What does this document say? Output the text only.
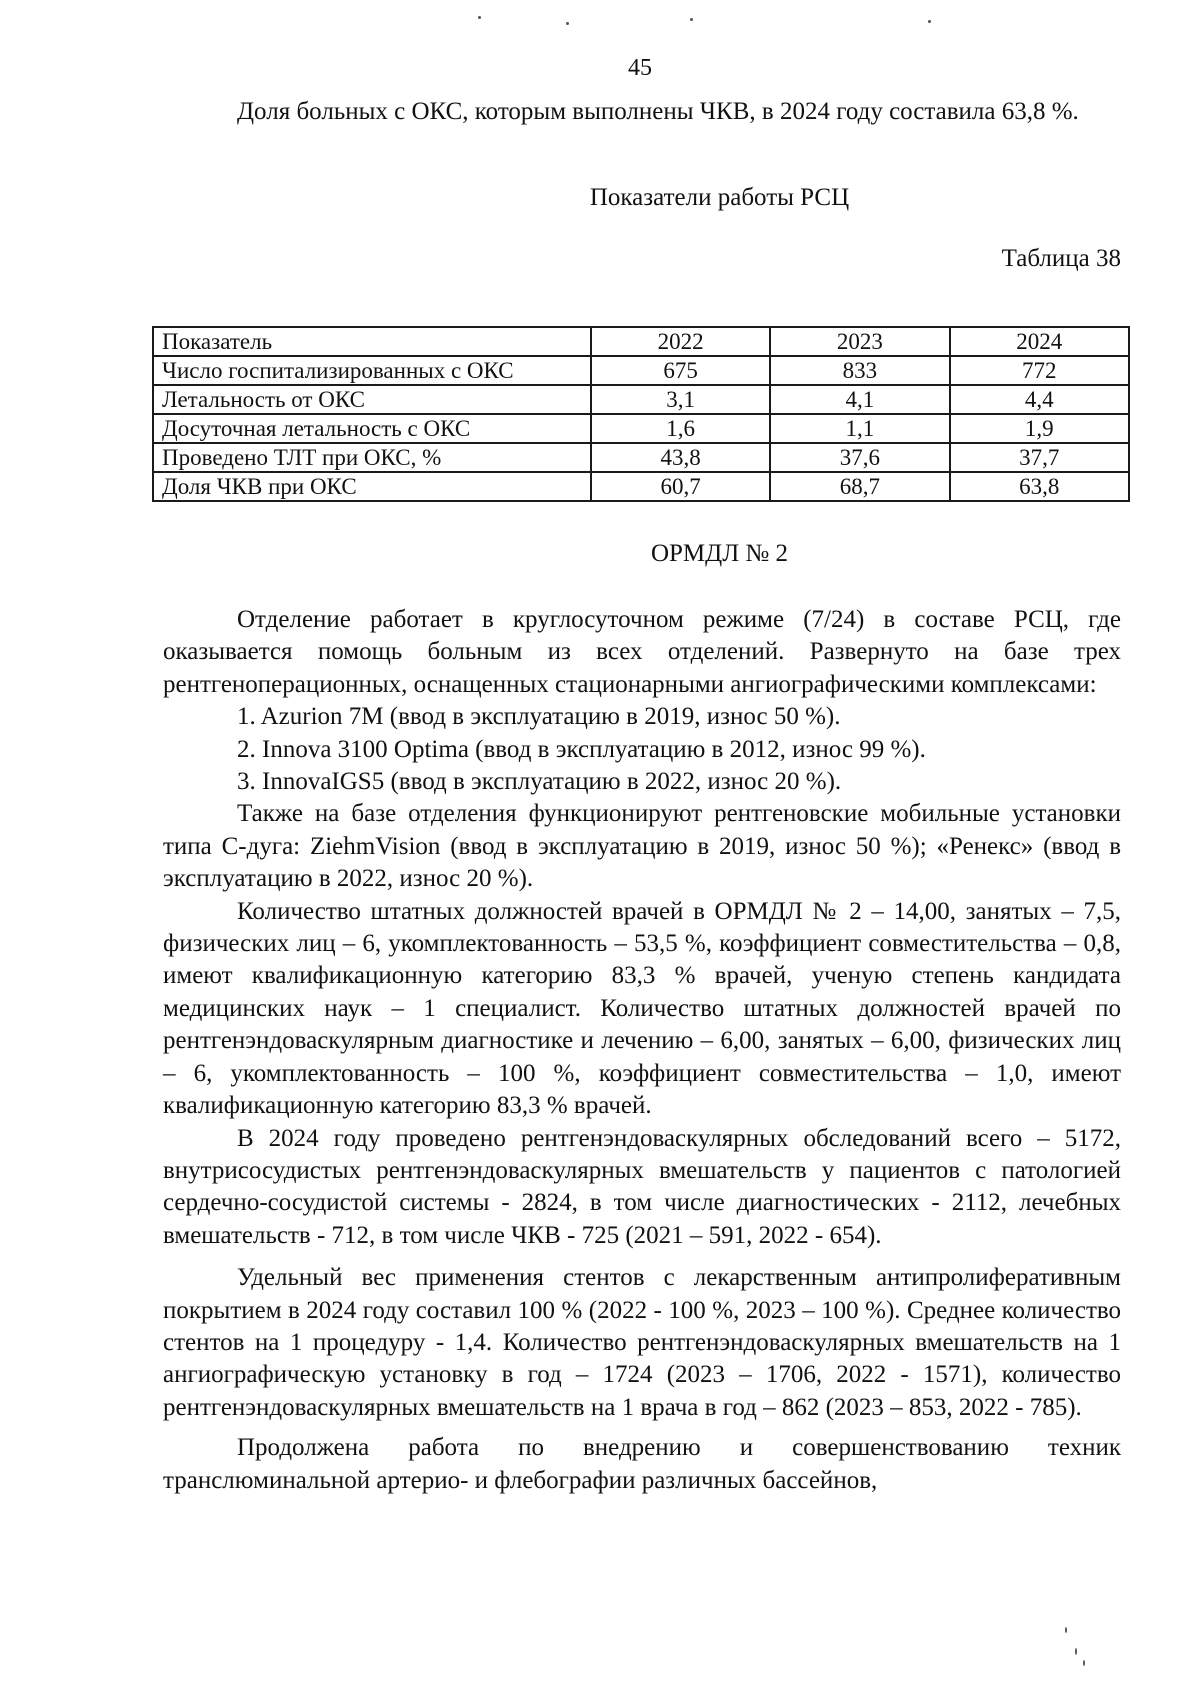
45

Доля больных с ОКС, которым выполнены ЧКВ, в 2024 году составила 63,8 %.

Показатели работы РСЦ

Таблица 38

Показатель	2022	2023	2024
Число госпитализированных с ОКС	675	833	772
Летальность от ОКС	3,1	4,1	4,4
Досуточная летальность с ОКС	1,6	1,1	1,9
Проведено ТЛТ при ОКС, %	43,8	37,6	37,7
Доля ЧКВ при ОКС	60,7	68,7	63,8

ОРМДЛ № 2

Отделение работает в круглосуточном режиме (7/24) в составе РСЦ, где оказывается помощь больным из всех отделений. Развернуто на базе трех рентгеноперационных, оснащенных стационарными ангиографическими комплексами:

1. Azurion 7M (ввод в эксплуатацию в 2019, износ 50 %).

2. Innova 3100 Optima (ввод в эксплуатацию в 2012, износ 99 %).

3. InnovaIGS5 (ввод в эксплуатацию в 2022, износ 20 %).

Также на базе отделения функционируют рентгеновские мобильные установки типа С-дуга: ZiehmVision (ввод в эксплуатацию в 2019, износ 50 %); «Ренекс» (ввод в эксплуатацию в 2022, износ 20 %).

Количество штатных должностей врачей в ОРМДЛ № 2 – 14,00, занятых – 7,5, физических лиц – 6, укомплектованность – 53,5 %, коэффициент совместительства – 0,8, имеют квалификационную категорию 83,3 % врачей, ученую степень кандидата медицинских наук – 1 специалист. Количество штатных должностей врачей по рентгенэндоваскулярным диагностике и лечению – 6,00, занятых – 6,00, физических лиц – 6, укомплектованность – 100 %, коэффициент совместительства – 1,0, имеют квалификационную категорию 83,3 % врачей.

В 2024 году проведено рентгенэндоваскулярных обследований всего – 5172, внутрисосудистых рентгенэндоваскулярных вмешательств у пациентов с патологией сердечно-сосудистой системы - 2824, в том числе диагностических - 2112, лечебных вмешательств - 712, в том числе ЧКВ - 725 (2021 – 591, 2022 - 654).

Удельный вес применения стентов с лекарственным антипролиферативным покрытием в 2024 году составил 100 % (2022 - 100 %, 2023 – 100 %). Среднее количество стентов на 1 процедуру - 1,4. Количество рентгенэндоваскулярных вмешательств на 1 ангиографическую установку в год – 1724 (2023 – 1706, 2022 - 1571), количество рентгенэндоваскулярных вмешательств на 1 врача в год – 862 (2023 – 853, 2022 - 785).

Продолжена работа по внедрению и совершенствованию техник транслюминальной артерио- и флебографии различных бассейнов,
